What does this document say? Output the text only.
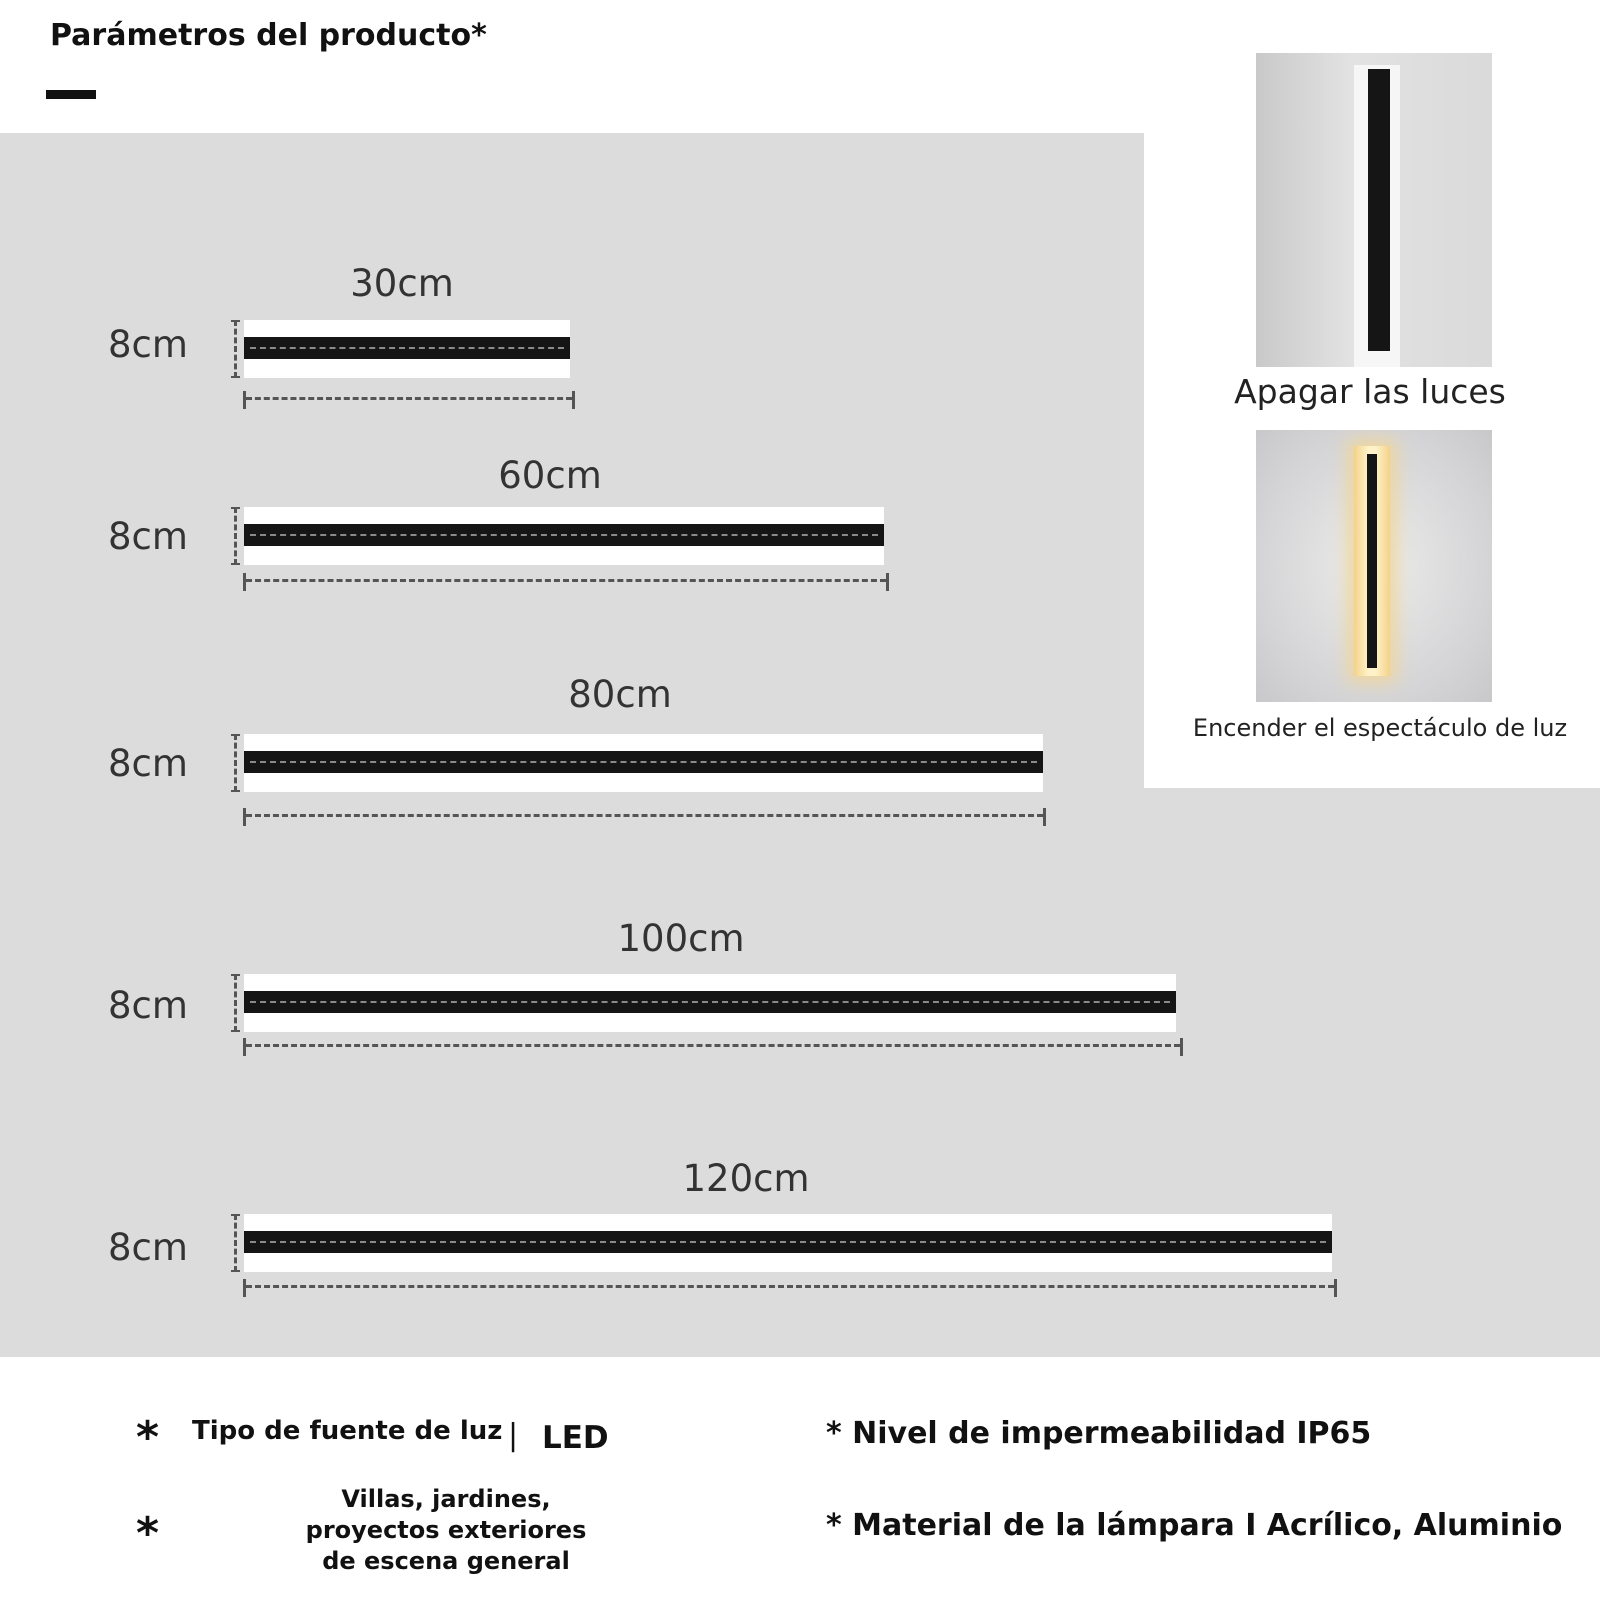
Parámetros del producto*
Apagar las luces
Encender el espectáculo de luz
30cm
8cm
60cm
8cm
80cm
8cm
100cm
8cm
120cm
8cm
* Tipo de fuente de luz | LED
*
Villas, jardines,
proyectos exteriores
de escena general
* Nivel de impermeabilidad IP65
* Material de la lámpara I Acrílico, Aluminio
